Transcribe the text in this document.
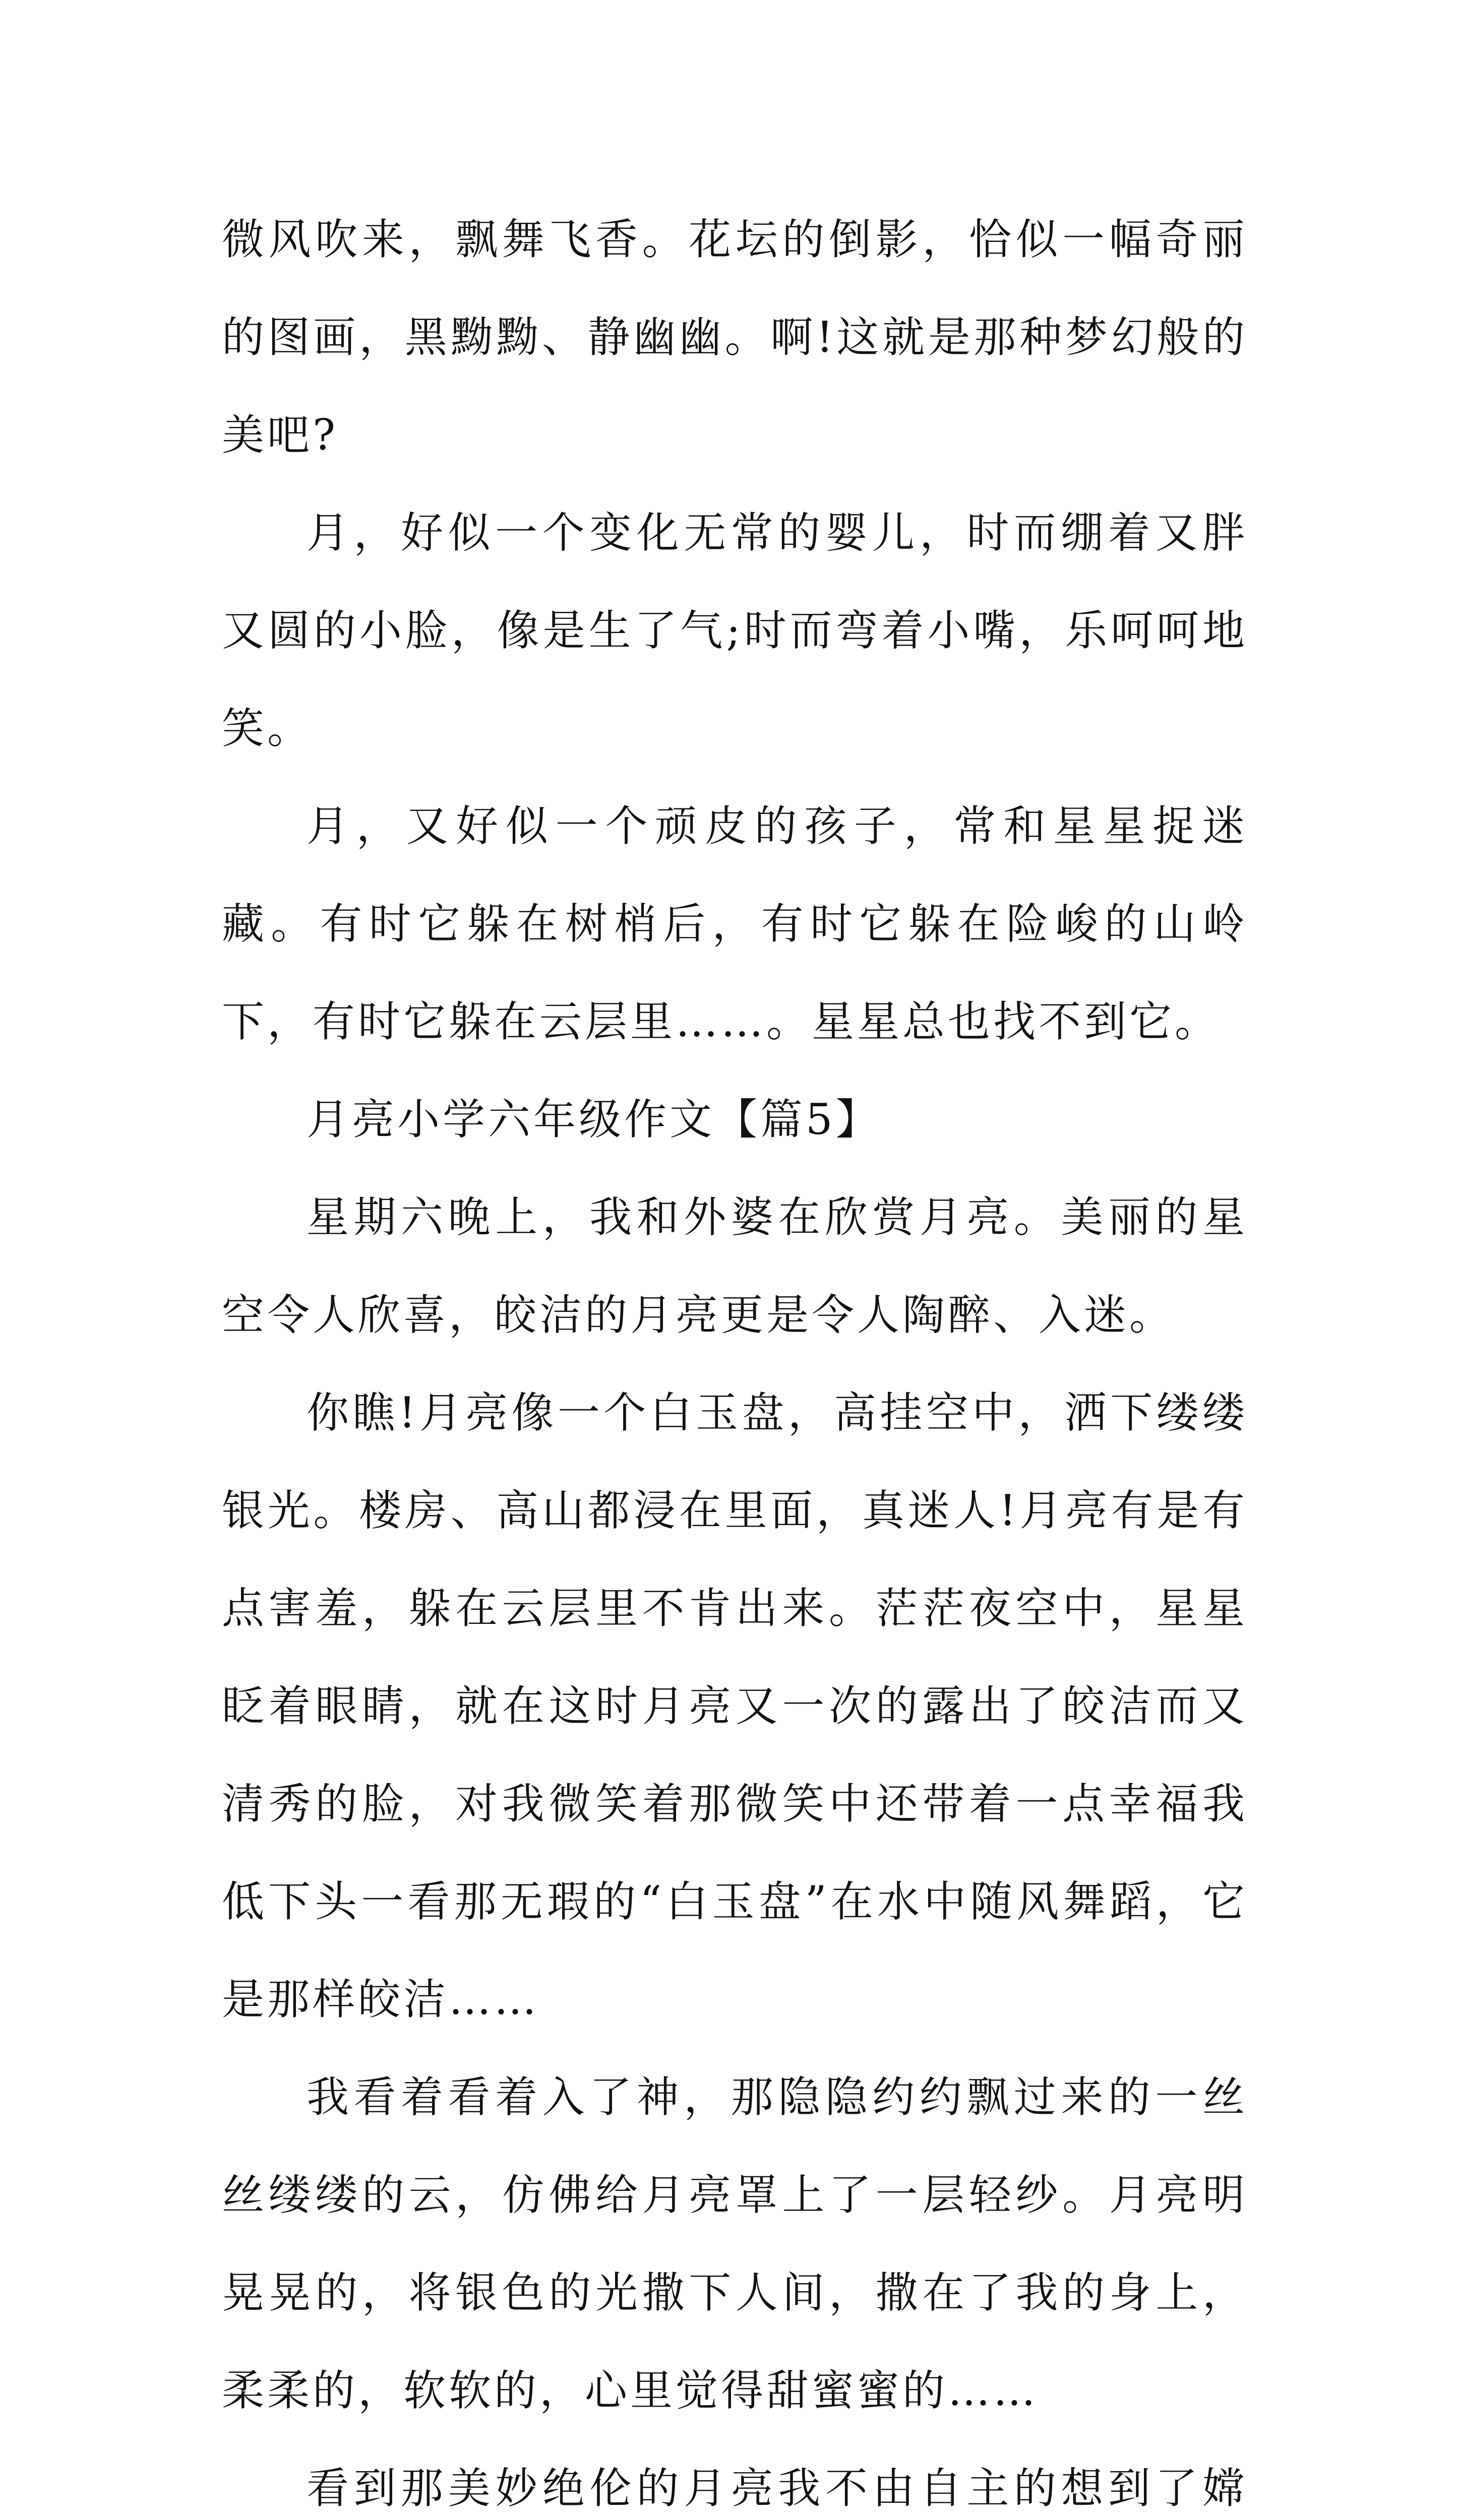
微风吹来，飘舞飞香。花坛的倒影，恰似一幅奇丽的图画，黑黝黝、静幽幽。啊!这就是那种梦幻般的美吧?

月，好似一个变化无常的婴儿，时而绷着又胖又圆的小脸，像是生了气;时而弯着小嘴，乐呵呵地笑。

月，又好似一个顽皮的孩子，常和星星捉迷藏。有时它躲在树梢后，有时它躲在险峻的山岭下，有时它躲在云层里……。星星总也找不到它。

月亮小学六年级作文【篇5】

星期六晚上，我和外婆在欣赏月亮。美丽的星空令人欣喜，皎洁的月亮更是令人陶醉、入迷。

你瞧!月亮像一个白玉盘，高挂空中，洒下缕缕银光。楼房、高山都浸在里面，真迷人!月亮有是有点害羞，躲在云层里不肯出来。茫茫夜空中，星星眨着眼睛，就在这时月亮又一次的露出了皎洁而又清秀的脸，对我微笑着那微笑中还带着一点幸福我低下头一看那无瑕的“白玉盘”在水中随风舞蹈，它是那样皎洁……

我看着看着入了神，那隐隐约约飘过来的一丝丝缕缕的云，仿佛给月亮罩上了一层轻纱。月亮明晃晃的，将银色的光撒下人间，撒在了我的身上，柔柔的，软软的，心里觉得甜蜜蜜的……

看到那美妙绝伦的月亮我不由自主的想到了嫦
